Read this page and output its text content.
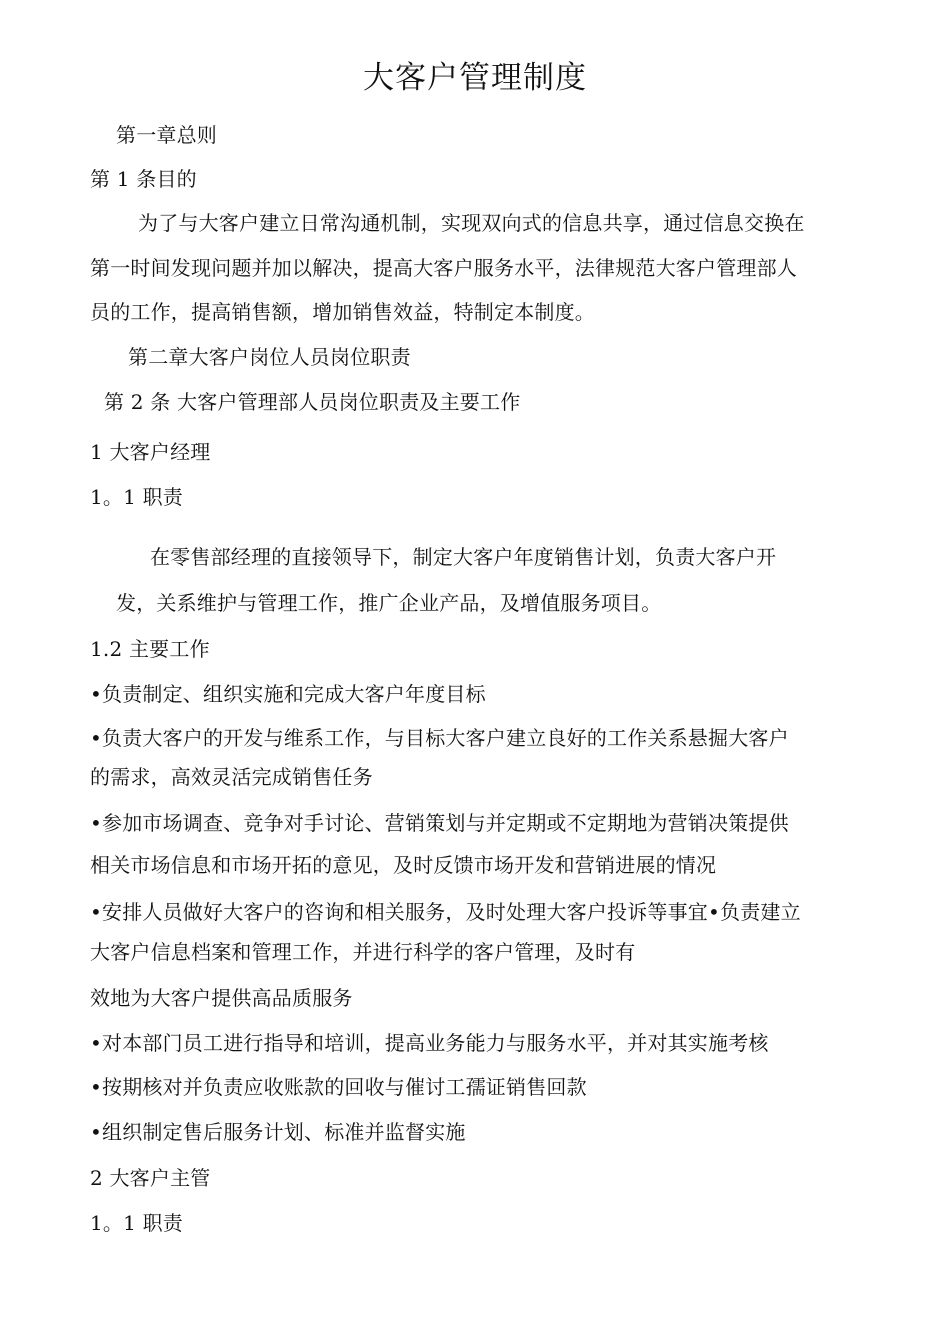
大客户管理制度
第一章总则
第 1 条目的
为了与大客户建立日常沟通机制，实现双向式的信息共享，通过信息交换在
第一时间发现问题并加以解决，提高大客户服务水平，法律规范大客户管理部人
员的工作，提高销售额，增加销售效益，特制定本制度。
第二章大客户岗位人员岗位职责
第 2 条 大客户管理部人员岗位职责及主要工作
1 大客户经理
1。1 职责
在零售部经理的直接领导下，制定大客户年度销售计划，负责大客户开
发，关系维护与管理工作，推广企业产品，及增值服务项目。
1.2 主要工作
•负责制定、组织实施和完成大客户年度目标
•负责大客户的开发与维系工作，与目标大客户建立良好的工作关系悬掘大客户
的需求，高效灵活完成销售任务
•参加市场调查、竞争对手讨论、营销策划与并定期或不定期地为营销决策提供
相关市场信息和市场开拓的意见，及时反馈市场开发和营销进展的情况
•安排人员做好大客户的咨询和相关服务，及时处理大客户投诉等事宜•负责建立
大客户信息档案和管理工作，并进行科学的客户管理，及时有
效地为大客户提供高品质服务
•对本部门员工进行指导和培训，提高业务能力与服务水平，并对其实施考核
•按期核对并负责应收账款的回收与催讨工孺证销售回款
•组织制定售后服务计划、标准并监督实施
2 大客户主管
1。1 职责
